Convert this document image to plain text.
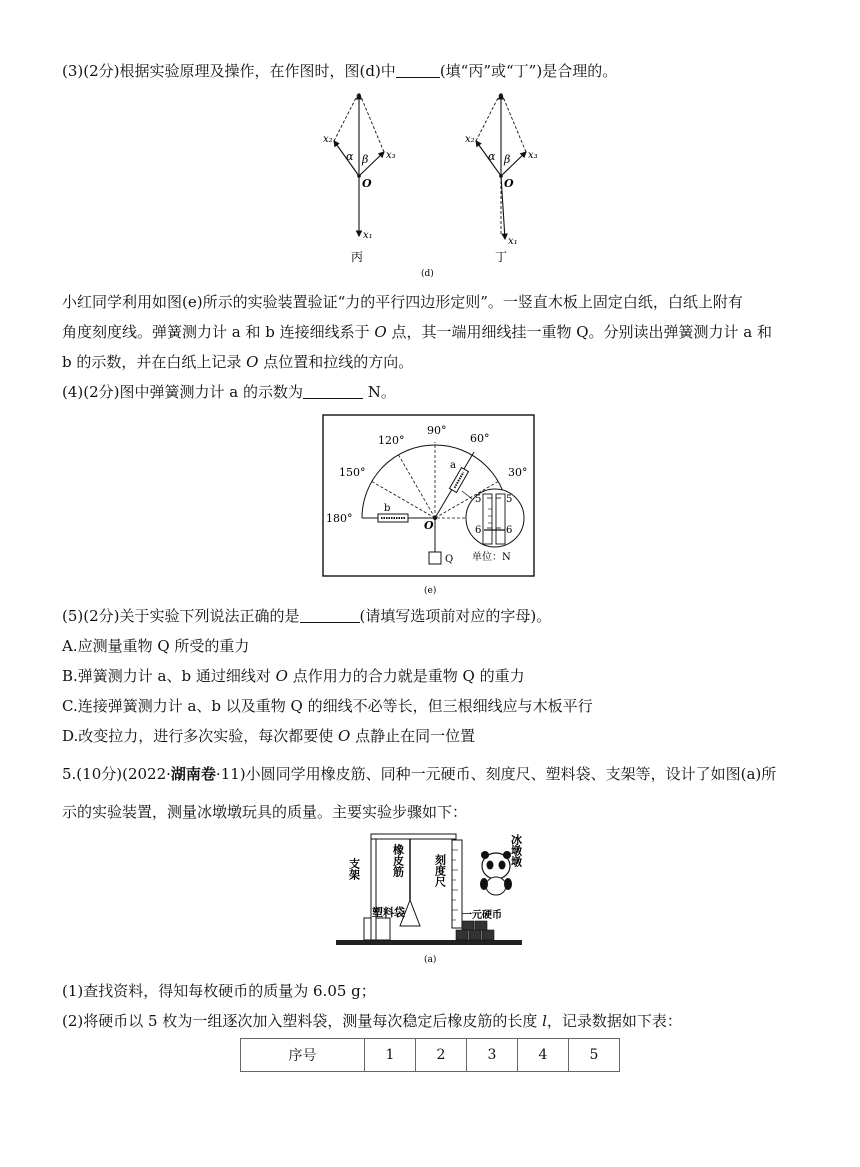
(3)(2分)根据实验原理及操作，在作图时，图(d)中	(填“丙”或“丁”)是合理的。
x₂
x₃
α β
O
x₁
丙
x₂
x₃
α β
O
x₁
丁
(d)
小红同学利用如图(e)所示的实验装置验证“力的平行四边形定则”。一竖直木板上固定白纸，白纸上附有
角度刻度线。弹簧测力计 a 和 b 连接细线系于 O 点，其一端用细线挂一重物 Q。分别读出弹簧测力计 a 和
b 的示数，并在白纸上记录 O 点位置和拉线的方向。
(4)(2分)图中弹簧测力计 a 的示数为	N。
90°
120°	60°
150°	30°
180°
a
b
O
Q
5 5
6 6
单位：N
(e)
(5)(2分)关于实验下列说法正确的是	(请填写选项前对应的字母)。
A.应测量重物 Q 所受的重力
B.弹簧测力计 a、b 通过细线对 O 点作用力的合力就是重物 Q 的重力
C.连接弹簧测力计 a、b 以及重物 Q 的细线不必等长，但三根细线应与木板平行
D.改变拉力，进行多次实验，每次都要使 O 点静止在同一位置
5.(10分)(2022·湖南卷·11)小圆同学用橡皮筋、同种一元硬币、刻度尺、塑料袋、支架等，设计了如图(a)所
示的实验装置，测量冰墩墩玩具的质量。主要实验步骤如下：
支架	橡皮筋	刻度尺
冰墩墩
塑料袋	一元硬币
(a)
(1)查找资料，得知每枚硬币的质量为 6.05 g；
(2)将硬币以 5 枚为一组逐次加入塑料袋，测量每次稳定后橡皮筋的长度 l，记录数据如下表：
序号	1	2	3	4	5
